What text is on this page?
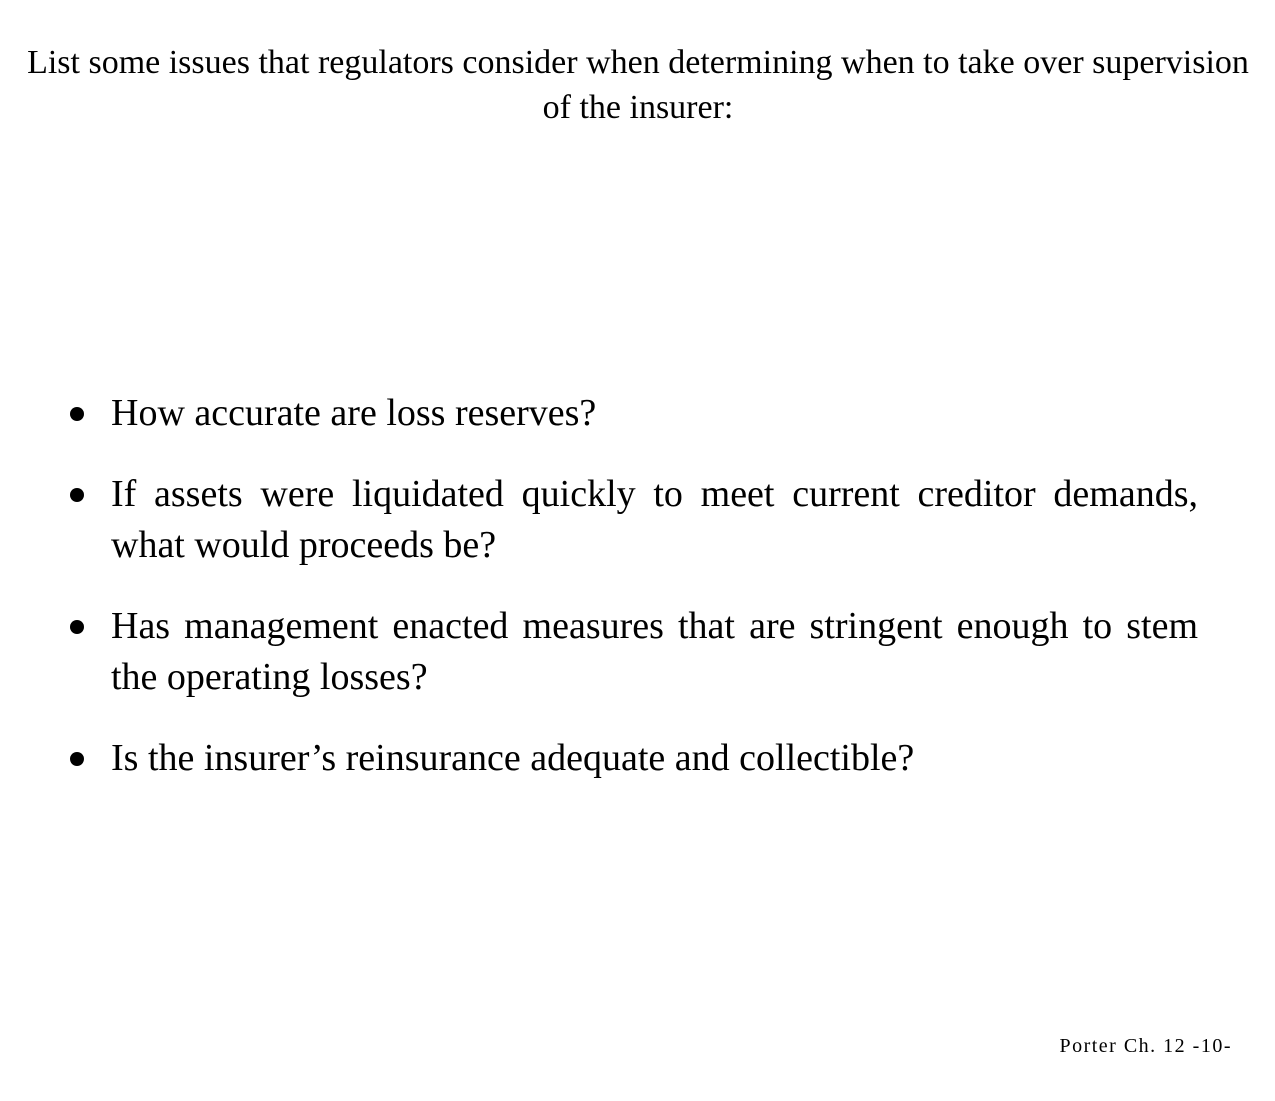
List some issues that regulators consider when determining when to take over supervision of the insurer:
How accurate are loss reserves?
If assets were liquidated quickly to meet current creditor demands, what would proceeds be?
Has management enacted measures that are stringent enough to stem the operating losses?
Is the insurer’s reinsurance adequate and collectible?

Porter Ch. 12 -10-
